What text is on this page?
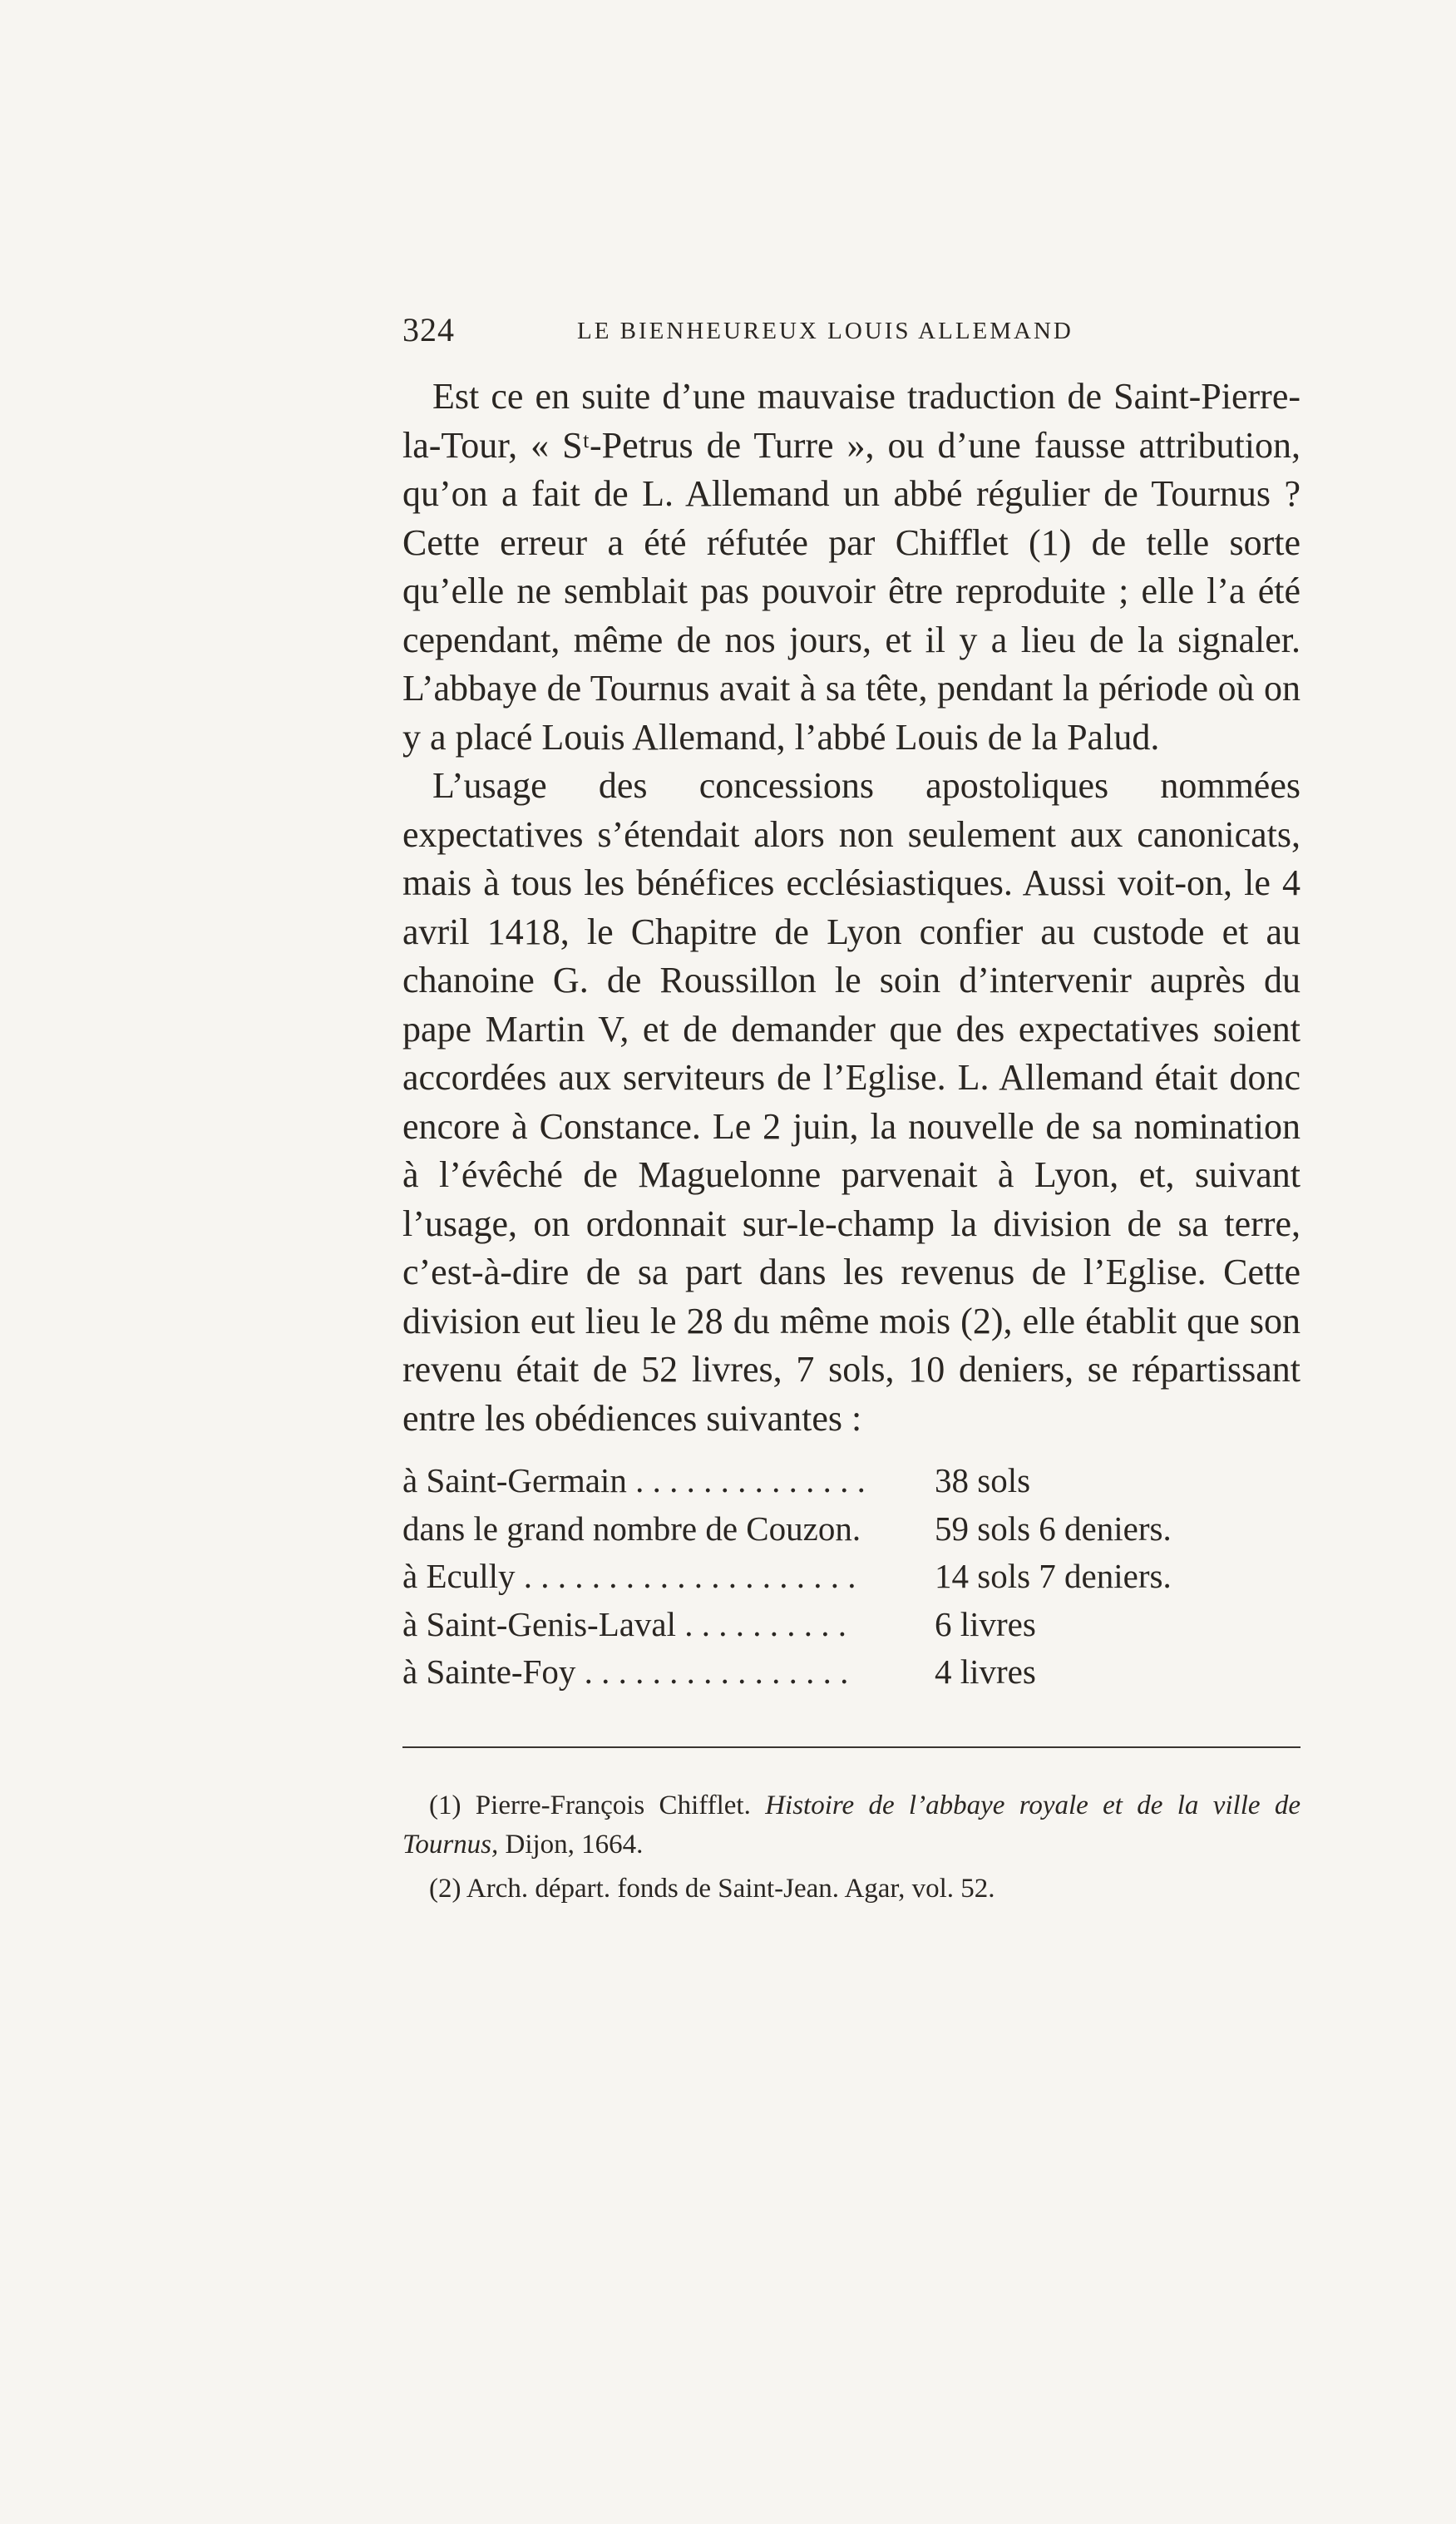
324	LE BIENHEUREUX LOUIS ALLEMAND

Est ce en suite d’une mauvaise traduction de Saint-Pierre-la-Tour, « Sᵗ-Petrus de Turre », ou d’une fausse attribution, qu’on a fait de L. Allemand un abbé régulier de Tournus ? Cette erreur a été réfutée par Chifflet (1) de telle sorte qu’elle ne semblait pas pouvoir être reproduite ; elle l’a été cependant, même de nos jours, et il y a lieu de la signaler. L’abbaye de Tournus avait à sa tête, pendant la période où on y a placé Louis Allemand, l’abbé Louis de la Palud.

L’usage des concessions apostoliques nommées expectatives s’étendait alors non seulement aux canonicats, mais à tous les bénéfices ecclésiastiques. Aussi voit-on, le 4 avril 1418, le Chapitre de Lyon confier au custode et au chanoine G. de Roussillon le soin d’intervenir auprès du pape Martin V, et de demander que des expectatives soient accordées aux serviteurs de l’Eglise. L. Allemand était donc encore à Constance. Le 2 juin, la nouvelle de sa nomination à l’évêché de Maguelonne parvenait à Lyon, et, suivant l’usage, on ordonnait sur-le-champ la division de sa terre, c’est-à-dire de sa part dans les revenus de l’Eglise. Cette division eut lieu le 28 du même mois (2), elle établit que son revenu était de 52 livres, 7 sols, 10 deniers, se répartissant entre les obédiences suivantes :

à Saint-Germain . . . . . . . . . . . . . .	38 sols
dans le grand nombre de Couzon.	59 sols 6 deniers.
à Ecully . . . . . . . . . . . . . . . . . . . .	14 sols 7 deniers.
à Saint-Genis-Laval . . . . . . . . . .	6 livres
à Sainte-Foy . . . . . . . . . . . . . . . .	4 livres

(1) Pierre-François Chifflet. Histoire de l’abbaye royale et de la ville de Tournus, Dijon, 1664.

(2) Arch. départ. fonds de Saint-Jean. Agar, vol. 52.
